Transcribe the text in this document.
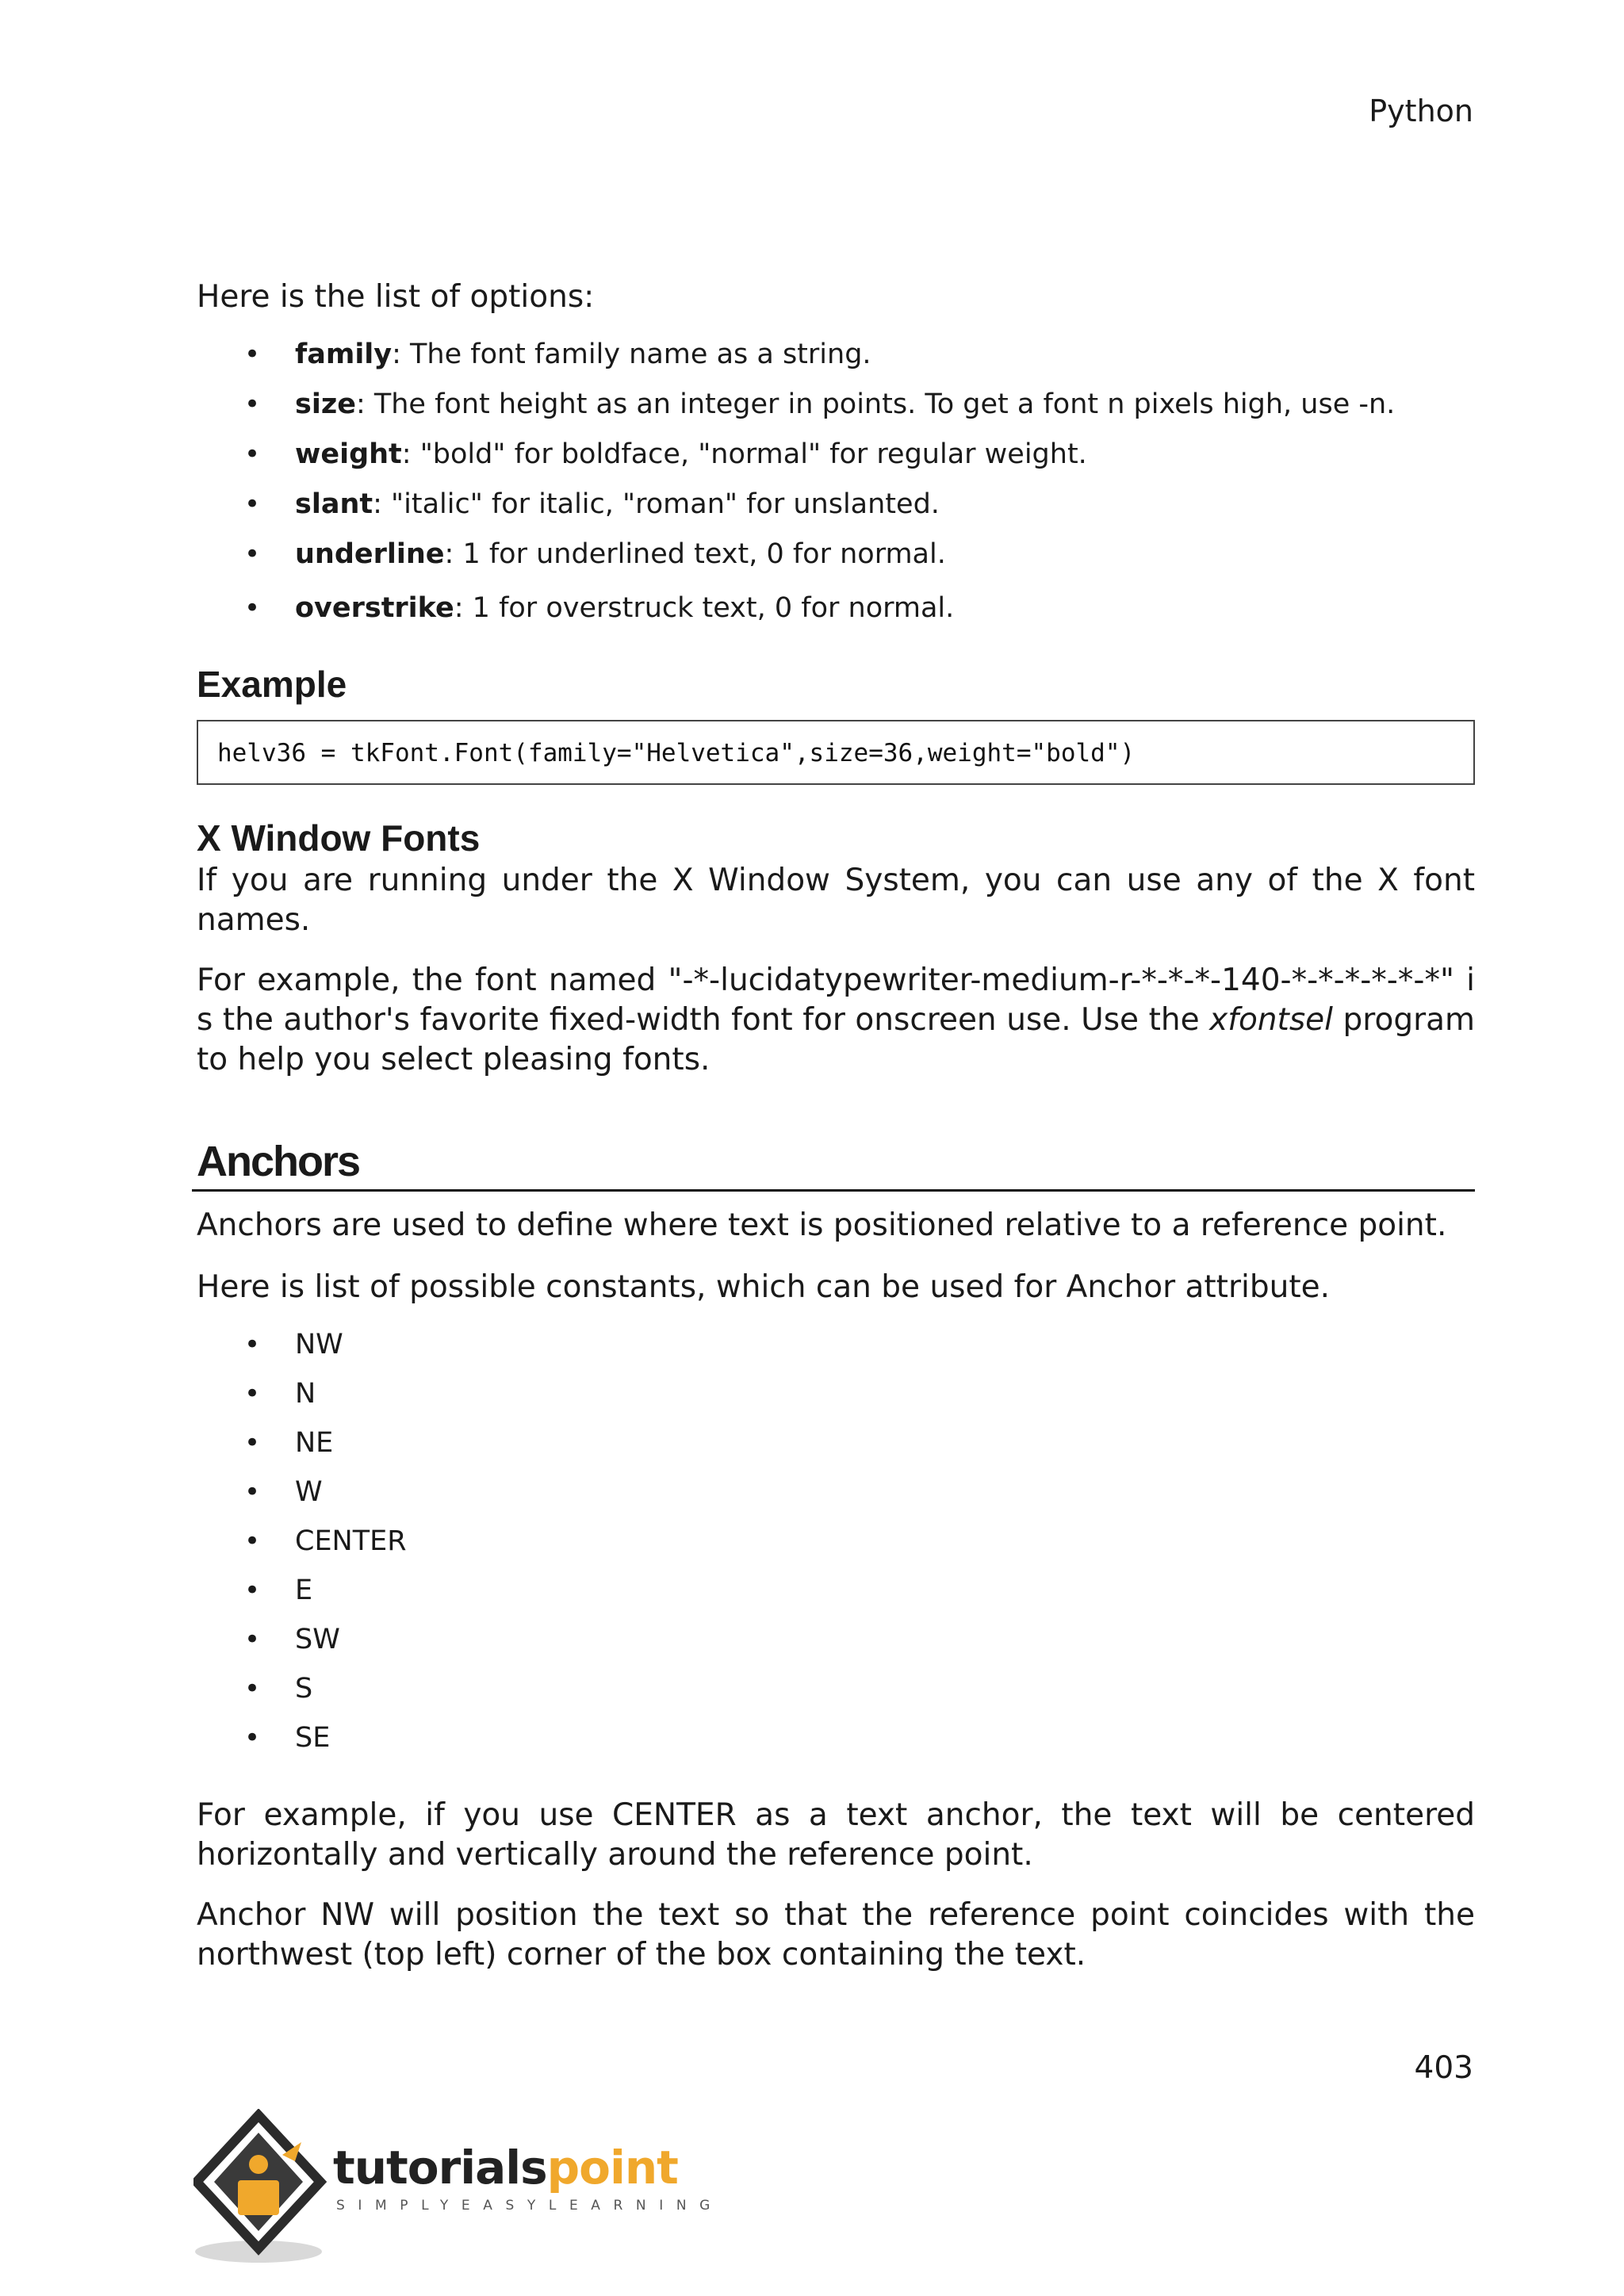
Python

Here is the list of options:

• family: The font family name as a string.
• size: The font height as an integer in points. To get a font n pixels high, use -n.
• weight: "bold" for boldface, "normal" for regular weight.
• slant: "italic" for italic, "roman" for unslanted.
• underline: 1 for underlined text, 0 for normal.
• overstrike: 1 for overstruck text, 0 for normal.
Example
helv36 = tkFont.Font(family="Helvetica",size=36,weight="bold")
X Window Fonts

If you are running under the X Window System, you can use any of the X font names.

For example, the font named "-*-lucidatypewriter-medium-r-*-*-*-140-*-*-*-*-*-*" is the author's favorite fixed-width font for onscreen use. Use the xfontsel program to help you select pleasing fonts.

Anchors

Anchors are used to define where text is positioned relative to a reference point.

Here is list of possible constants, which can be used for Anchor attribute.

• NW
• N
• NE
• W
• CENTER
• E
• SW
• S
• SE

For example, if you use CENTER as a text anchor, the text will be centered horizontally and vertically around the reference point.

Anchor NW will position the text so that the reference point coincides with the northwest (top left) corner of the box containing the text.

403
tutorialspoint
SIMPLYEASYLEARNING
